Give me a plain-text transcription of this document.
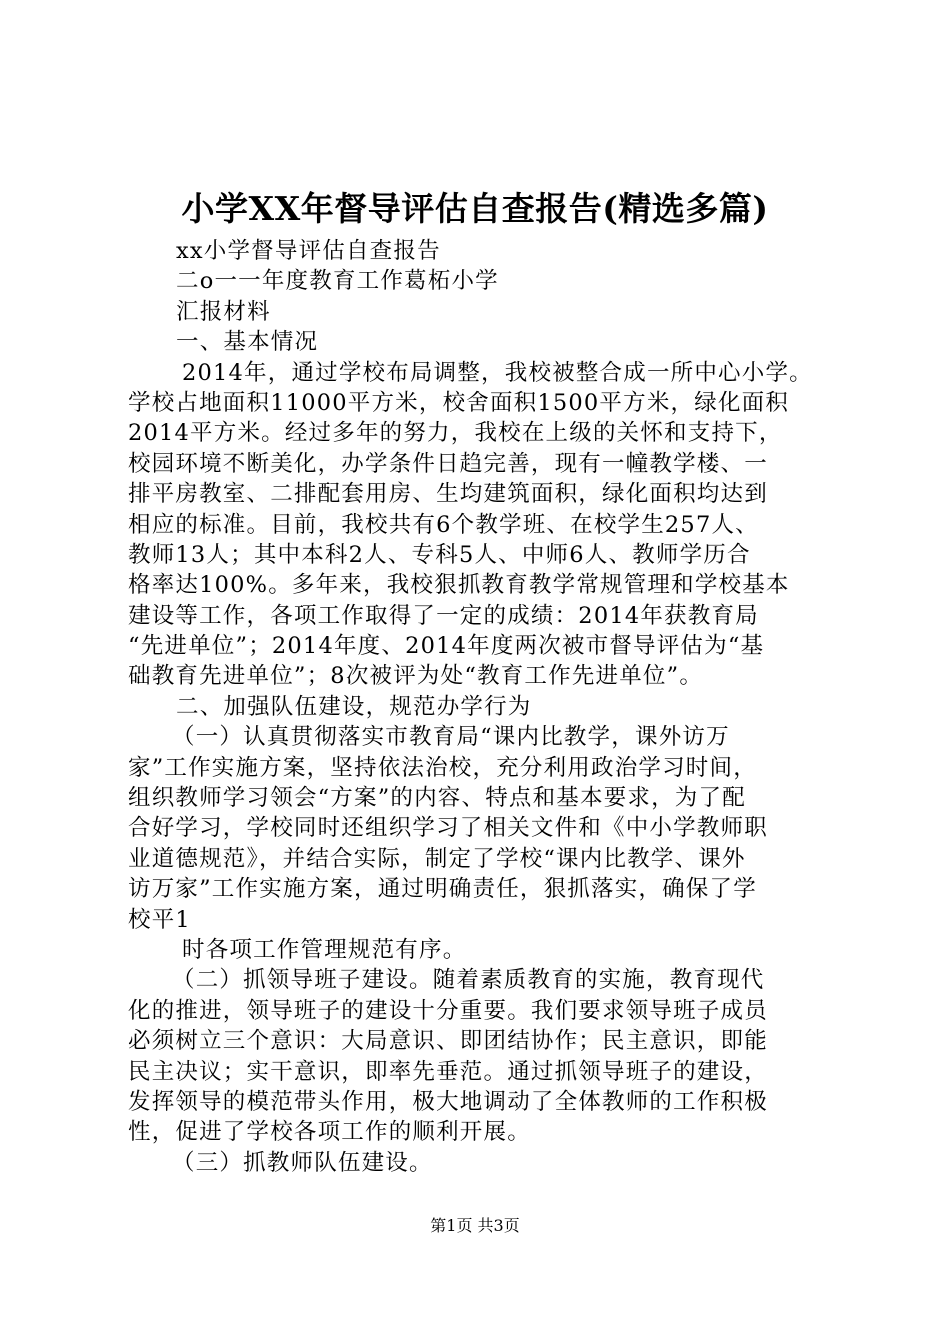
小学XX年督导评估自查报告(精选多篇)
xx小学督导评估自查报告
二o一一年度教育工作葛柘小学
汇报材料
一、基本情况
2014年，通过学校布局调整，我校被整合成一所中心小学。
学校占地面积11000平方米，校舍面积1500平方米，绿化面积
2014平方米。经过多年的努力，我校在上级的关怀和支持下，
校园环境不断美化，办学条件日趋完善，现有一幢教学楼、一
排平房教室、二排配套用房、生均建筑面积，绿化面积均达到
相应的标准。目前，我校共有6个教学班、在校学生257人、
教师13人；其中本科2人、专科5人、中师6人、教师学历合
格率达100%。多年来，我校狠抓教育教学常规管理和学校基本
建设等工作，各项工作取得了一定的成绩：2014年获教育局
“先进单位”；2014年度、2014年度两次被市督导评估为“基
础教育先进单位”；8次被评为处“教育工作先进单位”。
二、加强队伍建设，规范办学行为
（一）认真贯彻落实市教育局“课内比教学，课外访万
家”工作实施方案，坚持依法治校，充分利用政治学习时间，
组织教师学习领会“方案”的内容、特点和基本要求，为了配
合好学习，学校同时还组织学习了相关文件和《中小学教师职
业道德规范》，并结合实际，制定了学校“课内比教学、课外
访万家”工作实施方案，通过明确责任，狠抓落实，确保了学
校平1
时各项工作管理规范有序。
（二）抓领导班子建设。随着素质教育的实施，教育现代
化的推进，领导班子的建设十分重要。我们要求领导班子成员
必须树立三个意识：大局意识、即团结协作；民主意识，即能
民主决议；实干意识，即率先垂范。通过抓领导班子的建设，
发挥领导的模范带头作用，极大地调动了全体教师的工作积极
性，促进了学校各项工作的顺利开展。
（三）抓教师队伍建设。
第1页 共3页
